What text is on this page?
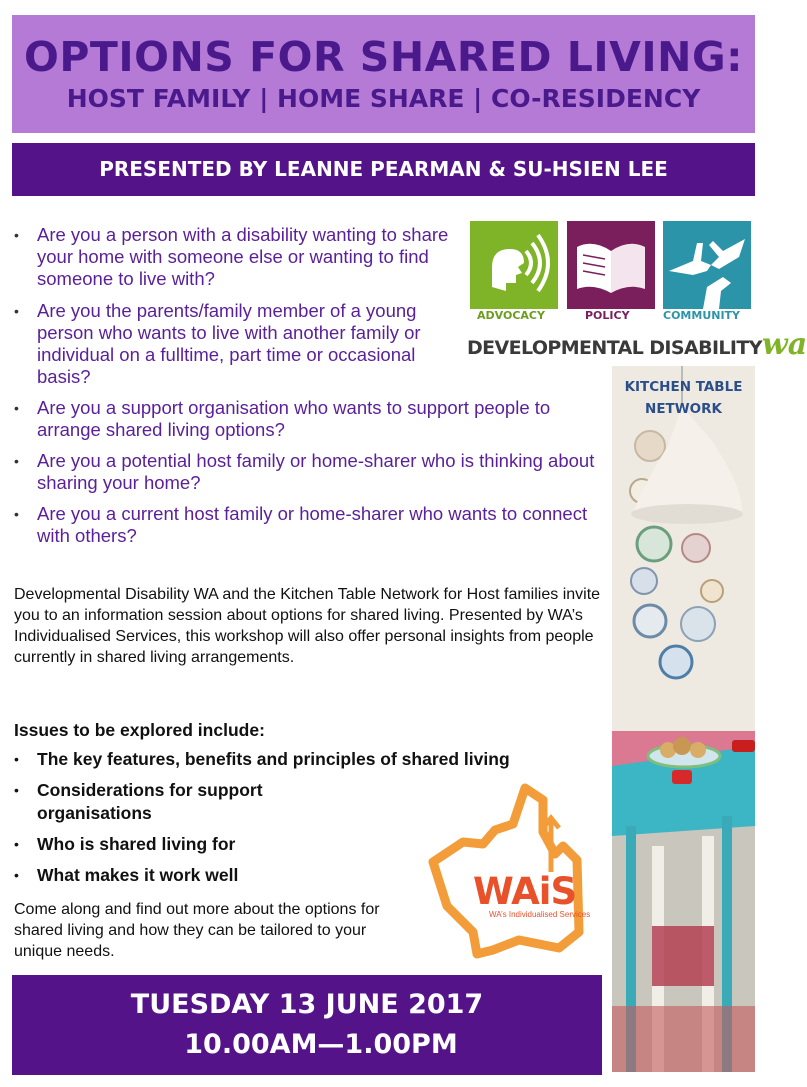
OPTIONS FOR SHARED LIVING:
HOST FAMILY | HOME SHARE | CO-RESIDENCY
PRESENTED BY LEANNE PEARMAN & SU-HSIEN LEE
• Are you a person with a disability wanting to share your home with someone else or wanting to find someone to live with?
• Are you the parents/family member of a young person who wants to live with another family or individual on a fulltime, part time or occasional basis?
• Are you a support organisation who wants to support people to arrange shared living options?
• Are you a potential host family or home-sharer who is thinking about sharing your home?
• Are you a current host family or home-sharer who wants to connect with others?

Developmental Disability WA and the Kitchen Table Network for Host families invite you to an information session about options for shared living. Presented by WA’s Individualised Services, this workshop will also offer personal insights from people currently in shared living arrangements.

Issues to be explored include:
• The key features, benefits and principles of shared living
• Considerations for support organisations
• Who is shared living for
• What makes it work well

Come along and find out more about the options for shared living and how they can be tailored to your unique needs.

TUESDAY 13 JUNE 2017
10.00AM—1.00PM
ADVOCACY	POLICY	COMMUNITY
DEVELOPMENTAL DISABILITYwa
KITCHEN TABLE
NETWORK
WAiS
WA’s Individualised Services
